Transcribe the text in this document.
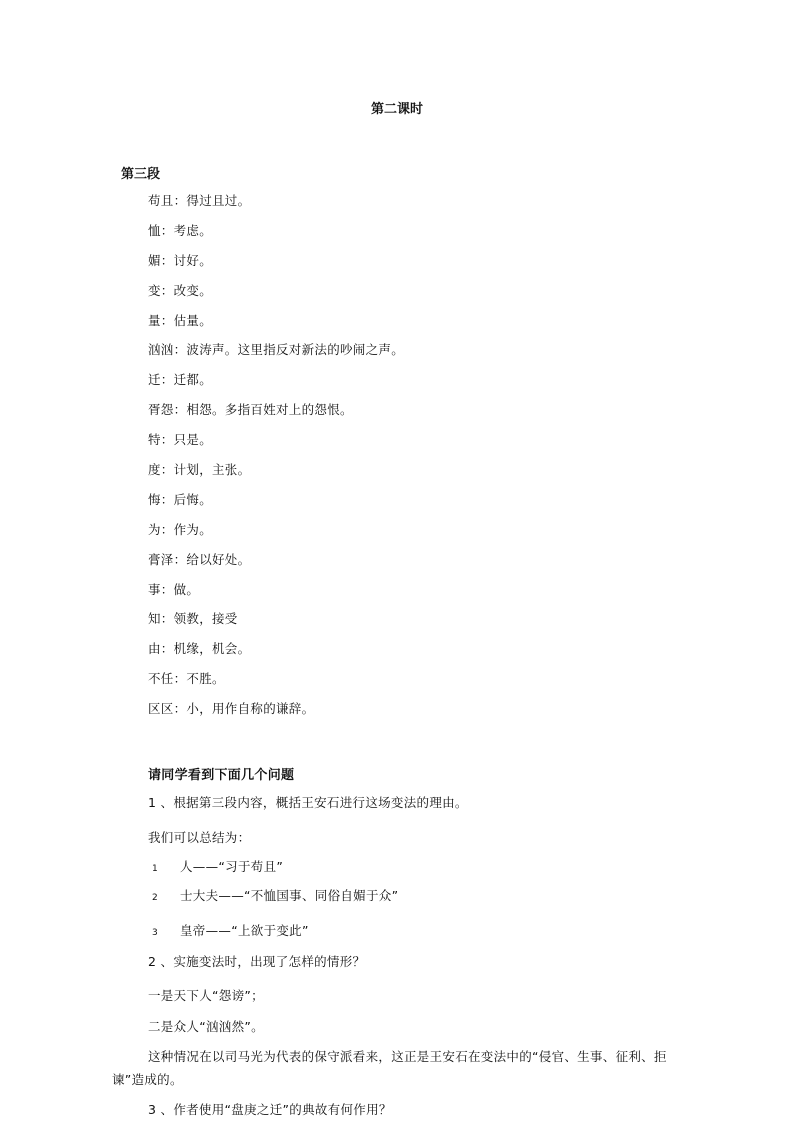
第二课时
第三段
苟且：得过且过。
恤：考虑。
媚：讨好。
变：改变。
量：估量。
汹汹：波涛声。这里指反对新法的吵闹之声。
迁：迁都。
胥怨：相怨。多指百姓对上的怨恨。
特：只是。
度：计划，主张。
悔：后悔。
为：作为。
膏泽：给以好处。
事：做。
知：领教，接受
由：机缘，机会。
不任：不胜。
区区：小，用作自称的谦辞。
请同学看到下面几个问题
1 、根据第三段内容，概括王安石进行这场变法的理由。
我们可以总结为：
1 人——“习于苟且”
2 士大夫——“不恤国事、同俗自媚于众”
3 皇帝——“上欲于变此”
2 、实施变法时，出现了怎样的情形？
一是天下人“怨谤”；
二是众人“汹汹然”。
这种情况在以司马光为代表的保守派看来，这正是王安石在变法中的“侵官、生事、征利、拒谏”造成的。
3 、作者使用“盘庚之迁”的典故有何作用？
